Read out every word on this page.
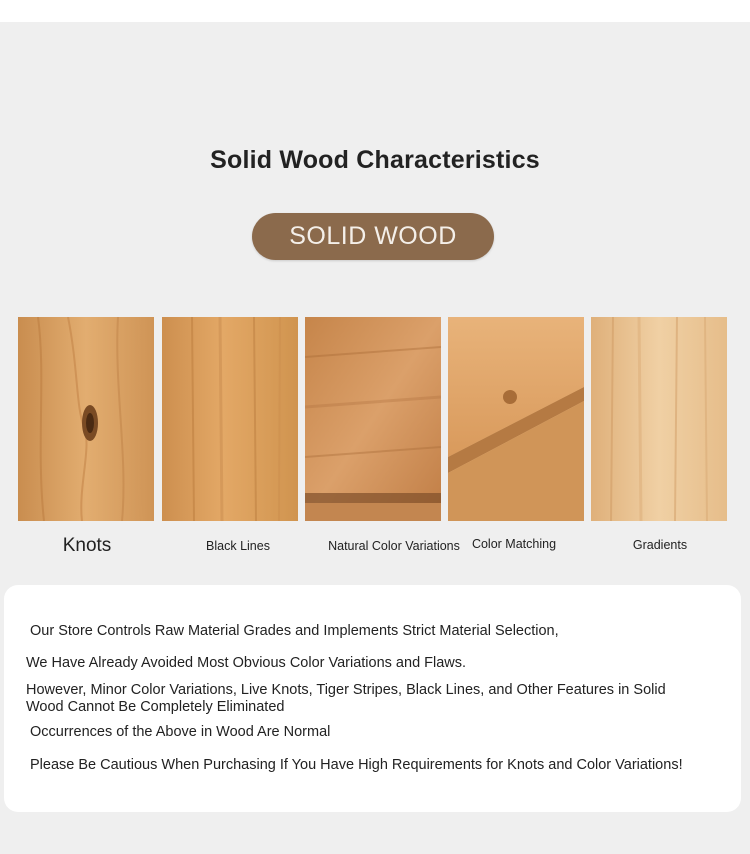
Solid Wood Characteristics
SOLID WOOD
Knots	Black Lines	Natural Color Variations Color Matching	Gradients
Our Store Controls Raw Material Grades and Implements Strict Material Selection,
We Have Already Avoided Most Obvious Color Variations and Flaws.
However, Minor Color Variations, Live Knots, Tiger Stripes, Black Lines, and Other Features in Solid Wood Cannot Be Completely Eliminated
Occurrences of the Above in Wood Are Normal
Please Be Cautious When Purchasing If You Have High Requirements for Knots and Color Variations!
